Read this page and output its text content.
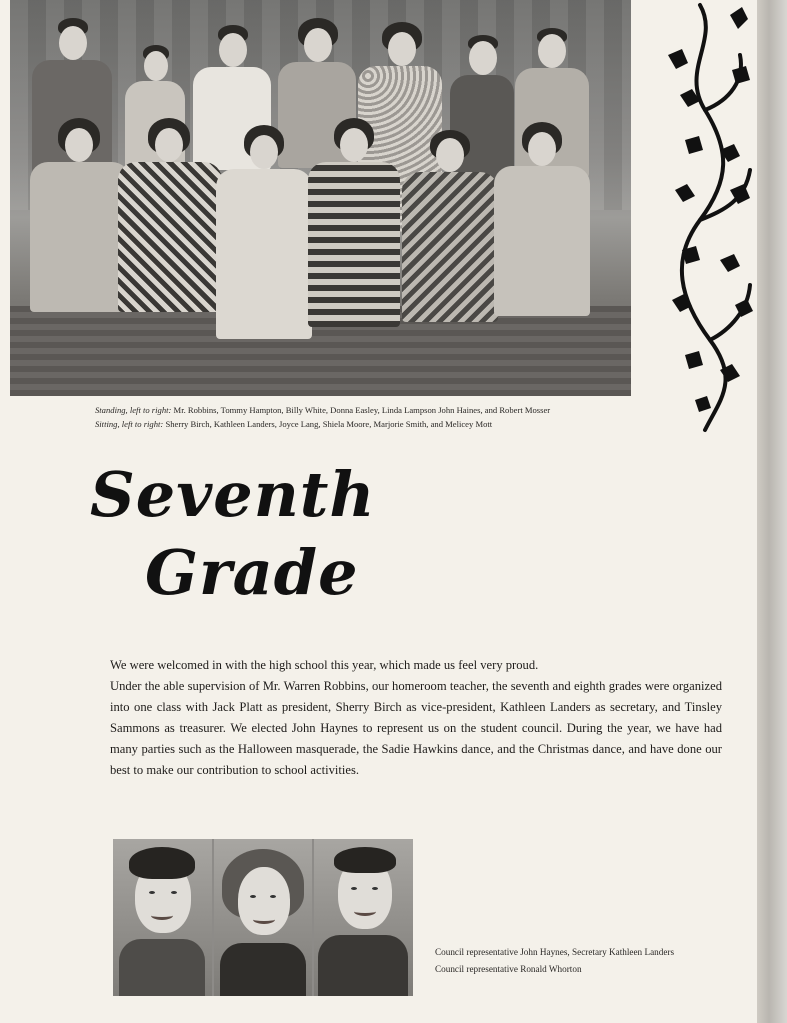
Standing, left to right: Mr. Robbins, Tommy Hampton, Billy White, Donna Easley, Linda Lampson John Haines, and Robert Mosser
Sitting, left to right: Sherry Birch, Kathleen Landers, Joyce Lang, Shiela Moore, Marjorie Smith, and Melicey Mott
Seventh
Grade

We were welcomed in with the high school this year, which made us feel very proud.

Under the able supervision of Mr. Warren Robbins, our homeroom teacher, the seventh and eighth grades were organized into one class with Jack Platt as president, Sherry Birch as vice-president, Kathleen Landers as secretary, and Tinsley Sammons as treasurer. We elected John Haynes to represent us on the student council. During the year, we have had many parties such as the Halloween masquerade, the Sadie Hawkins dance, and the Christmas dance, and have done our best to make our contribution to school activities.

Council representative John Haynes, Secretary Kathleen Landers
Council representative Ronald Whorton
